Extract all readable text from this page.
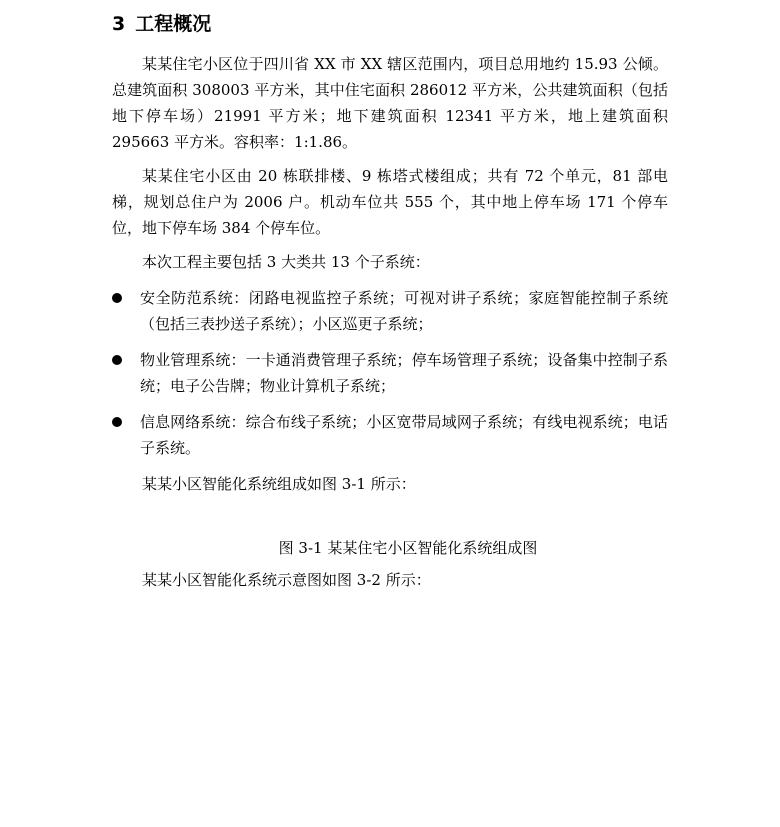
3 工程概况

某某住宅小区位于四川省 XX 市 XX 辖区范围内，项目总用地约 15.93 公倾。总建筑面积 308003 平方米，其中住宅面积 286012 平方米，公共建筑面积（包括地下停车场）21991 平方米；地下建筑面积 12341 平方米，地上建筑面积 295663 平方米。容积率：1:1.86。

某某住宅小区由 20 栋联排楼、9 栋塔式楼组成；共有 72 个单元，81 部电梯，规划总住户为 2006 户。机动车位共 555 个，其中地上停车场 171 个停车位，地下停车场 384 个停车位。

本次工程主要包括 3 大类共 13 个子系统：

安全防范系统：闭路电视监控子系统；可视对讲子系统；家庭智能控制子系统（包括三表抄送子系统）；小区巡更子系统；
物业管理系统：一卡通消费管理子系统；停车场管理子系统；设备集中控制子系统；电子公告牌；物业计算机子系统；
信息网络系统：综合布线子系统；小区宽带局域网子系统；有线电视系统；电话子系统。

某某小区智能化系统组成如图 3-1 所示：

图 3-1 某某住宅小区智能化系统组成图

某某小区智能化系统示意图如图 3-2 所示：
